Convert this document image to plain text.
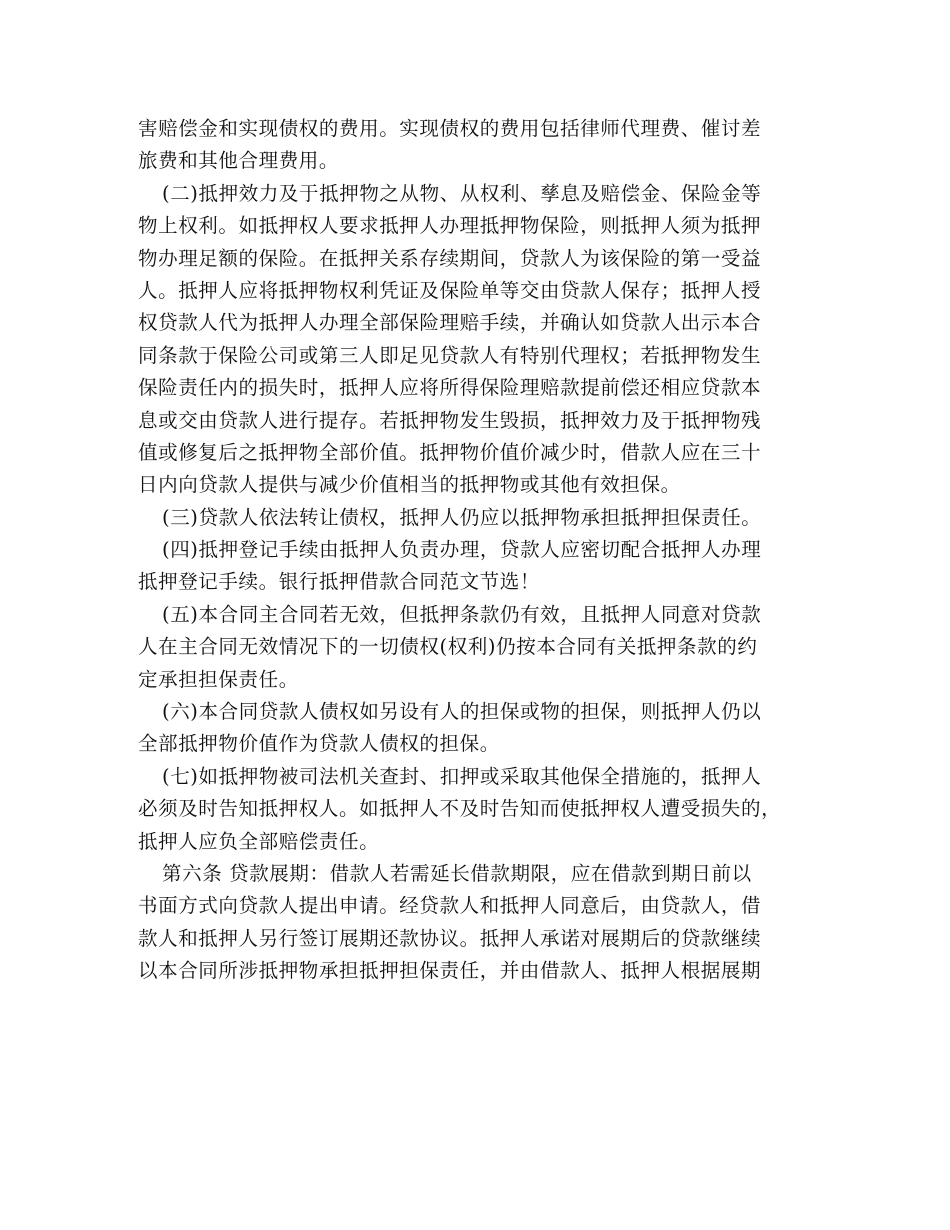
害赔偿金和实现债权的费用。实现债权的费用包括律师代理费、催讨差
旅费和其他合理费用。
(二)抵押效力及于抵押物之从物、从权利、孳息及赔偿金、保险金等
物上权利。如抵押权人要求抵押人办理抵押物保险，则抵押人须为抵押
物办理足额的保险。在抵押关系存续期间，贷款人为该保险的第一受益
人。抵押人应将抵押物权利凭证及保险单等交由贷款人保存；抵押人授
权贷款人代为抵押人办理全部保险理赔手续，并确认如贷款人出示本合
同条款于保险公司或第三人即足见贷款人有特别代理权；若抵押物发生
保险责任内的损失时，抵押人应将所得保险理赔款提前偿还相应贷款本
息或交由贷款人进行提存。若抵押物发生毁损，抵押效力及于抵押物残
值或修复后之抵押物全部价值。抵押物价值价减少时，借款人应在三十
日内向贷款人提供与减少价值相当的抵押物或其他有效担保。
(三)贷款人依法转让债权，抵押人仍应以抵押物承担抵押担保责任。
(四)抵押登记手续由抵押人负责办理，贷款人应密切配合抵押人办理
抵押登记手续。银行抵押借款合同范文节选！
(五)本合同主合同若无效，但抵押条款仍有效，且抵押人同意对贷款
人在主合同无效情况下的一切债权(权利)仍按本合同有关抵押条款的约
定承担担保责任。
(六)本合同贷款人债权如另设有人的担保或物的担保，则抵押人仍以
全部抵押物价值作为贷款人债权的担保。
(七)如抵押物被司法机关查封、扣押或采取其他保全措施的，抵押人
必须及时告知抵押权人。如抵押人不及时告知而使抵押权人遭受损失的，
抵押人应负全部赔偿责任。
第六条 贷款展期：借款人若需延长借款期限，应在借款到期日前以
书面方式向贷款人提出申请。经贷款人和抵押人同意后，由贷款人，借
款人和抵押人另行签订展期还款协议。抵押人承诺对展期后的贷款继续
以本合同所涉抵押物承担抵押担保责任，并由借款人、抵押人根据展期
